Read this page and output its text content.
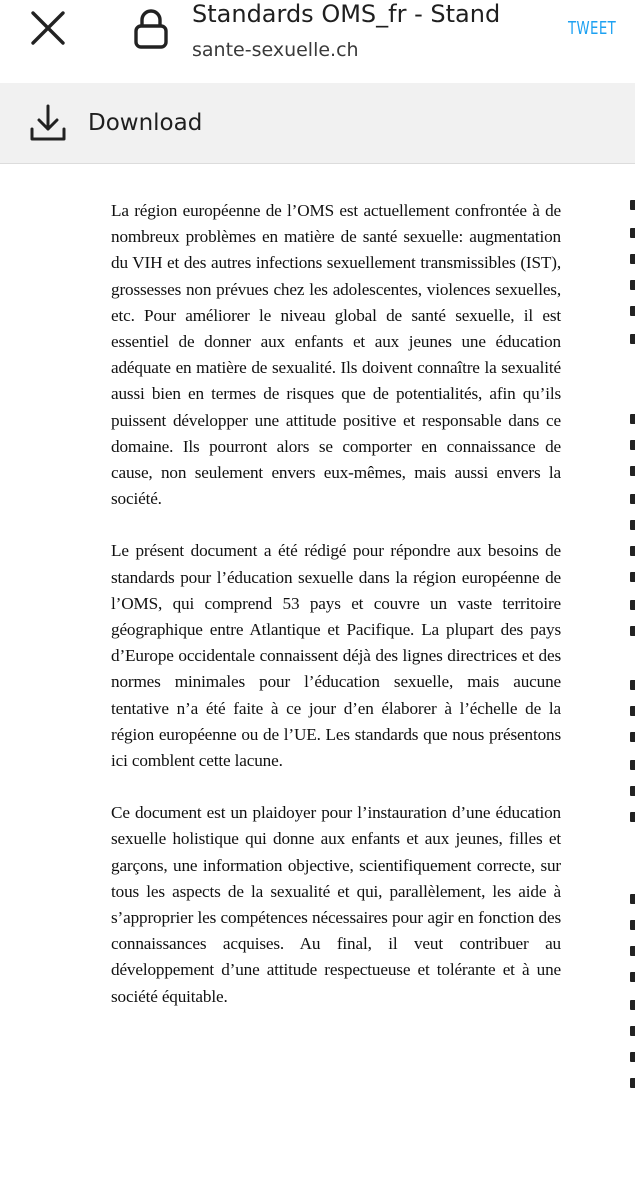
Standards OMS_fr - Stand
sante-sexuelle.ch
TWEET
Download

La région européenne de l’OMS est actuellement confrontée à de nombreux problèmes en matière de santé sexuelle: augmentation du VIH et des autres infections sexuellement transmissibles (IST), grossesses non prévues chez les adolescentes, violences sexuelles, etc. Pour améliorer le niveau global de santé sexuelle, il est essentiel de donner aux enfants et aux jeunes une éducation adéquate en matière de sexualité. Ils doivent connaître la sexualité aussi bien en termes de risques que de potentialités, afin qu’ils puissent développer une attitude positive et responsable dans ce domaine. Ils pourront alors se comporter en connaissance de cause, non seulement envers eux-mêmes, mais aussi envers la société.

Le présent document a été rédigé pour répondre aux besoins de standards pour l’éducation sexuelle dans la région européenne de l’OMS, qui comprend 53 pays et couvre un vaste territoire géographique entre Atlantique et Pacifique. La plupart des pays d’Europe occidentale connaissent déjà des lignes directrices et des normes minimales pour l’éducation sexuelle, mais aucune tentative n’a été faite à ce jour d’en élaborer à l’échelle de la région européenne ou de l’UE. Les standards que nous présentons ici comblent cette lacune.

Ce document est un plaidoyer pour l’instauration d’une éducation sexuelle holistique qui donne aux enfants et aux jeunes, filles et garçons, une information objective, scientifiquement correcte, sur tous les aspects de la sexualité et qui, parallèlement, les aide à s’approprier les compétences nécessaires pour agir en fonction des connaissances acquises. Au final, il veut contribuer au développement d’une attitude respectueuse et tolérante et à une société équitable.
